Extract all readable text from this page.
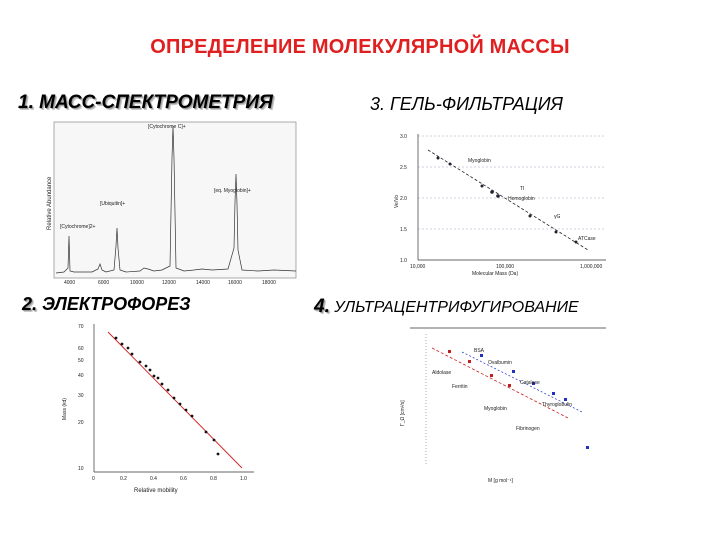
ОПРЕДЕЛЕНИЕ МОЛЕКУЛЯРНОЙ МАССЫ
1. МАСС-СПЕКТРОМЕТРИЯ	3. ГЕЛЬ-ФИЛЬТРАЦИЯ
2. ЭЛЕКТРОФОРЕЗ	4. УЛЬТРАЦЕНТРИФУГИРОВАНИЕ
Relative Abundance [Cytochrome]2+
[Ubiquitin]+
[Cytochrome C]+
[eq. Myoglobin]+
4000	6000	10000	12000	14000	16000	18000
3.0
2.5
2.0
1.5
1.0
Ve/Vo
Myoglobin
TI
Hemoglobin
γG
ATCase
10,000	100,000	1,000,000
Molecular Mass (Da)
70
60
50
40
30
20
10
Mass (kd)
0	0.2	0.4	0.6	0.8	1.0
Relative mobility
Γ_Ω [cm²/s]
BSA
Ovalbumin
Aldolase
Ferritin
Catalase
Myoglobin
Thyroglobulin
Fibrinogen
M [g mol⁻¹]
